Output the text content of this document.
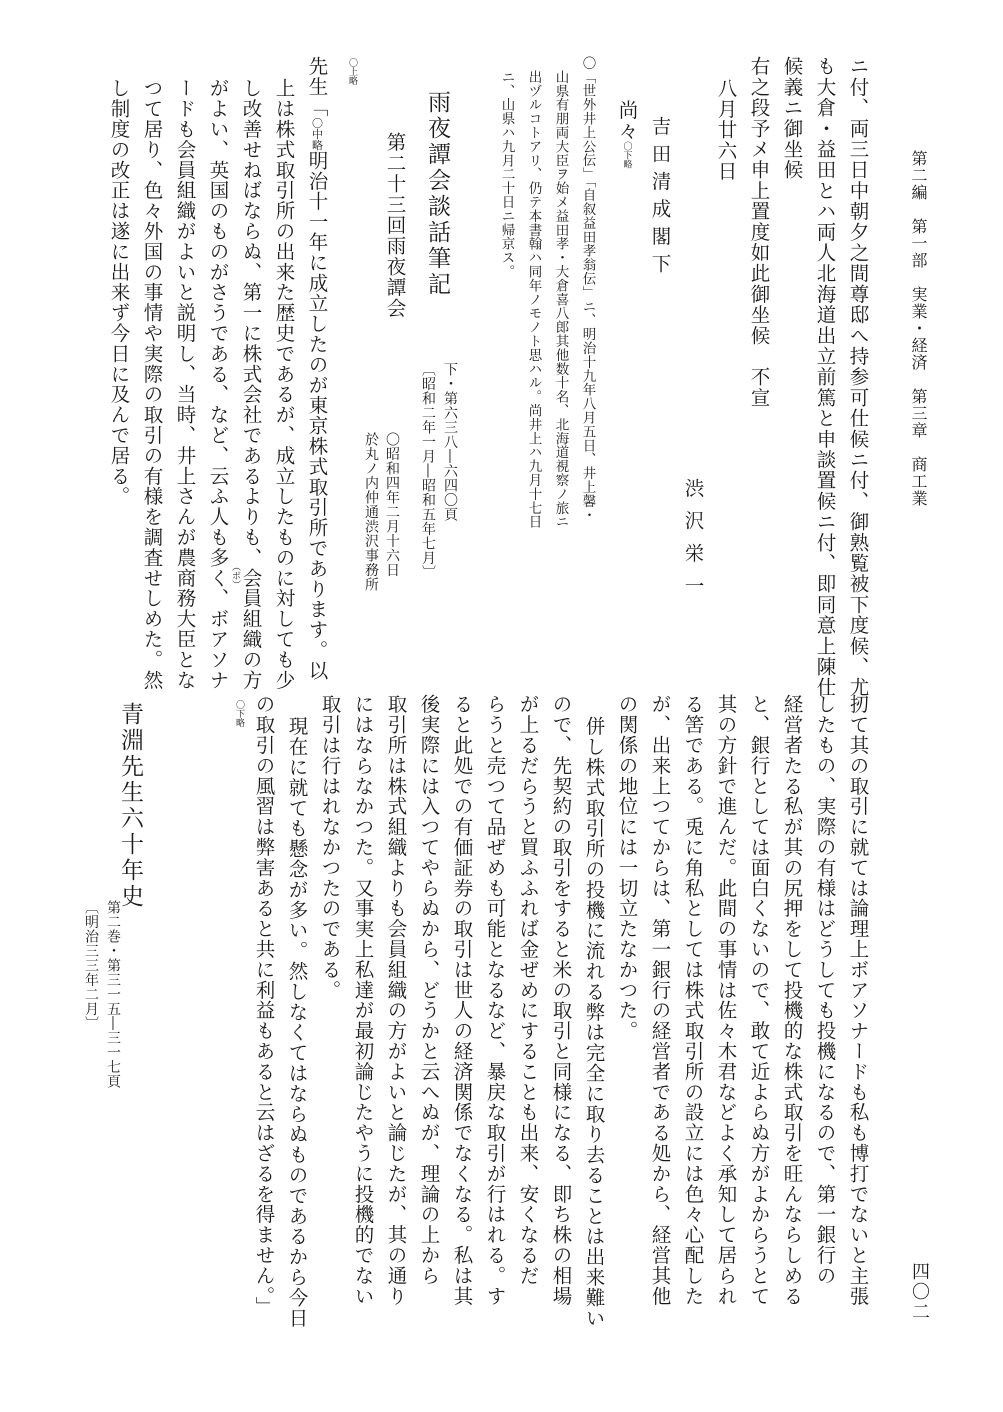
第二編　第一部　実業・経済　第三章　商工業
四〇二
ニ付、両三日中朝夕之間尊邸へ持参可仕候ニ付、御熟覧被下度候、尤
も大倉・益田とハ両人北海道出立前篤と申談置候ニ付、即同意上陳仕
候義ニ御坐候
右之段予メ申上置度如此御坐候　不宣
八月廿六日
渋沢栄一
吉田清成閣下
尚々〇下略
〇「世外井上公伝」「自叙益田孝翁伝」ニ、明治十九年八月五日、井上馨・
山県有朋両大臣ヲ始メ益田孝・大倉喜八郎其他数十名、北海道視察ノ旅ニ
出ヅルコトアリ、仍テ本書翰ハ同年ノモノト思ハル。尚井上ハ九月十七日
ニ、山県ハ九月二十日ニ帰京ス。
雨夜譚会談話筆記
下・第六三八―六四〇頁
〔昭和二年一月―昭和五年七月〕
第二十三回雨夜譚会
〇昭和四年二月十六日
於丸ノ内仲通渋沢事務所
〇上略
先生「〇中略明治十一年に成立したのが東京株式取引所であります。以
上は株式取引所の出来た歴史であるが、成立したものに対しても少
し改善せねばならぬ、第一に株式会社であるよりも、会員組織の方
がよい、英国のものがさうである、など、云ふ人も多く、ボアソナ （ボ）
ードも会員組織がよいと説明し、当時、井上さんが農商務大臣とな
つて居り、色々外国の事情や実際の取引の有様を調査せしめた。然
し制度の改正は遂に出来ず今日に及んで居る。
扨て其の取引に就ては論理上ボアソナードも私も博打でないと主張
したもの、実際の有様はどうしても投機になるので、第一銀行の
経営者たる私が其の尻押をして投機的な株式取引を旺んならしめる
と、銀行としては面白くないので、敢て近よらぬ方がよからうとて
其の方針で進んだ。此間の事情は佐々木君などよく承知して居られ
る筈である。兎に角私としては株式取引所の設立には色々心配した
が、出来上つてからは、第一銀行の経営者である処から、経営其他
の関係の地位には一切立たなかつた。
併し株式取引所の投機に流れる弊は完全に取り去ることは出来難い
ので、先契約の取引をすると米の取引と同様になる、即ち株の相場
が上るだらうと買ふふれば金ぜめにすることも出来、安くなるだ
らうと売つて品ぜめも可能となるなど、暴戻な取引が行はれる。す
ると此処での有価証券の取引は世人の経済関係でなくなる。私は其
後実際には入つてやらぬから、どうかと云へぬが、理論の上から
取引所は株式組織よりも会員組織の方がよいと論じたが、其の通り
にはならなかつた。又事実上私達が最初論じたやうに投機的でない
取引は行はれなかつたのである。
現在に就ても懸念が多い。然しなくてはならぬものであるから今日
の取引の風習は弊害あると共に利益もあると云はざるを得ません。」
〇下略
青淵先生六十年史
第二巻・第三一五―三一七頁
〔明治三三年二月〕
